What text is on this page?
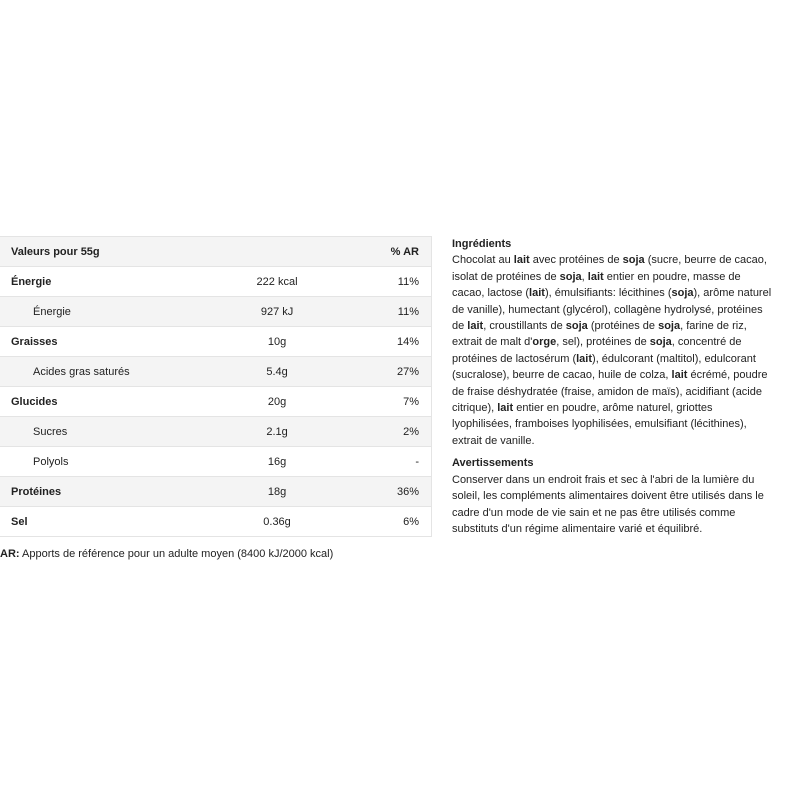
Valeurs pour 55g		% AR
Énergie	222 kcal	11%
Énergie	927 kJ	11%
Graisses	10g	14%
Acides gras saturés	5.4g	27%
Glucides	20g	7%
Sucres	2.1g	2%
Polyols	16g	-
Protéines	18g	36%
Sel	0.36g	6%
AR: Apports de référence pour un adulte moyen (8400 kJ/2000 kcal)

Ingrédients

Chocolat au lait avec protéines de soja (sucre, beurre de cacao, isolat de protéines de soja, lait entier en poudre, masse de cacao, lactose (lait), émulsifiants: lécithines (soja), arôme naturel de vanille), humectant (glycérol), collagène hydrolysé, protéines de lait, croustillants de soja (protéines de soja, farine de riz, extrait de malt d'orge, sel), protéines de soja, concentré de protéines de lactosérum (lait), édulcorant (maltitol), edulcorant (sucralose), beurre de cacao, huile de colza, lait écrémé, poudre de fraise déshydratée (fraise, amidon de maïs), acidifiant (acide citrique), lait entier en poudre, arôme naturel, griottes lyophilisées, framboises lyophilisées, emulsifiant (lécithines), extrait de vanille.

Avertissements

Conserver dans un endroit frais et sec à l'abri de la lumière du soleil, les compléments alimentaires doivent être utilisés dans le cadre d'un mode de vie sain et ne pas être utilisés comme substituts d'un régime alimentaire varié et équilibré.
